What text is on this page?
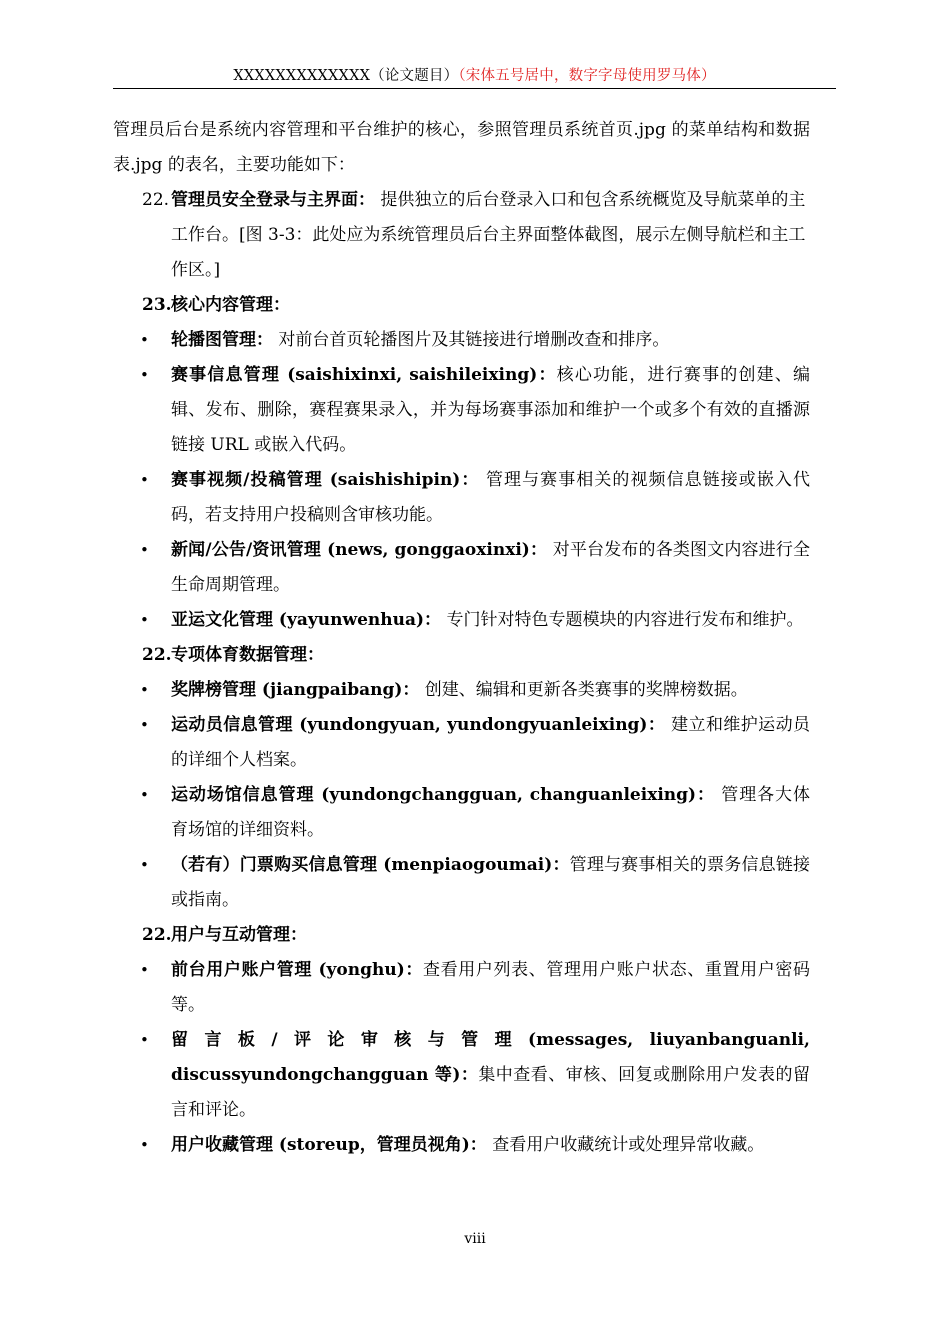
XXXXXXXXXXXXX（论文题目）（宋体五号居中，数字字母使用罗马体）

管理员后台是系统内容管理和平台维护的核心，参照管理员系统首页.jpg 的菜单结构和数据表.jpg 的表名，主要功能如下：

22. 管理员安全登录与主界面： 提供独立的后台登录入口和包含系统概览及导航菜单的主工作台。[图 3-3：此处应为系统管理员后台主界面整体截图，展示左侧导航栏和主工作区。]

23. 核心内容管理：

• 轮播图管理： 对前台首页轮播图片及其链接进行增删改查和排序。

• 赛事信息管理 (saishixinxi, saishileixing)：核心功能，进行赛事的创建、编辑、发布、删除，赛程赛果录入，并为每场赛事添加和维护一个或多个有效的直播源链接 URL 或嵌入代码。

• 赛事视频/投稿管理 (saishishipin)： 管理与赛事相关的视频信息链接或嵌入代码，若支持用户投稿则含审核功能。

• 新闻/公告/资讯管理 (news, gonggaoxinxi)： 对平台发布的各类图文内容进行全生命周期管理。

• 亚运文化管理 (yayunwenhua)： 专门针对特色专题模块的内容进行发布和维护。

22. 专项体育数据管理：

• 奖牌榜管理 (jiangpaibang)： 创建、编辑和更新各类赛事的奖牌榜数据。

• 运动员信息管理 (yundongyuan, yundongyuanleixing)： 建立和维护运动员的详细个人档案。

• 运动场馆信息管理 (yundongchangguan, changuanleixing)： 管理各大体育场馆的详细资料。

• （若有）门票购买信息管理 (menpiaogoumai)：管理与赛事相关的票务信息链接或指南。

22. 用户与互动管理：

• 前台用户账户管理 (yonghu)：查看用户列表、管理用户账户状态、重置用户密码等。

• 留 言 板 / 评 论 审 核 与 管 理 (messages, liuyanbanguanli,
discussyundongchangguan 等)：集中查看、审核、回复或删除用户发表的留言和评论。

• 用户收藏管理 (storeup，管理员视角)： 查看用户收藏统计或处理异常收藏。

viii
